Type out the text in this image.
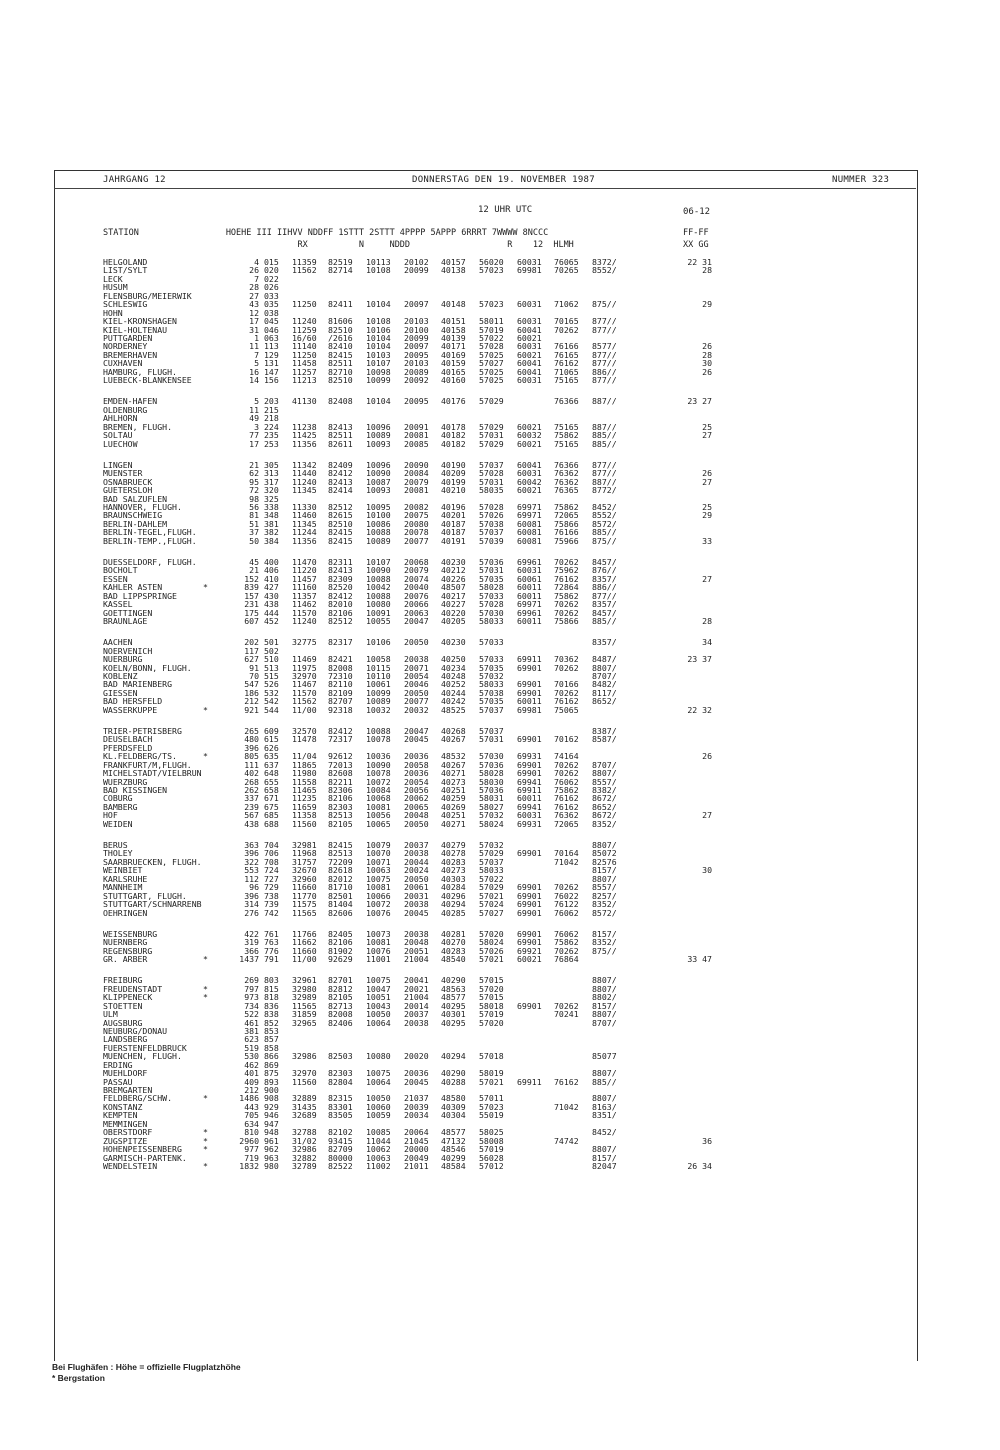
JAHRGANG 12	DONNERSTAG DEN 19. NOVEMBER 1987	NUMMER 323
12 UHR UTC	06-12
STATION                 HOEHE III IIHVV NDDFF 1STTT 2STTT 4PPPP 5APPP 6RRRT 7WWWW 8NCCC
RX          N     NDDD                   R    12  HLMH
FF-FF
XX GG
HELGOLAND	4 015 11359 82519 10113 20102 40157 56020 60031 76065 8372/	22 31
LIST/SYLT	26 020 11562 82714 10108 20099 40138 57023 69981 70265 8552/	28
LECK	7 022
HUSUM	28 026
FLENSBURG/MEIERWIK	27 033
SCHLESWIG	43 035 11250 82411 10104 20097 40148 57023 60031 71062 875//	29
HOHN	12 038
KIEL-KRONSHAGEN	17 045 11240 81606 10108 20103 40151 58011 60031 70165 877//
KIEL-HOLTENAU	31 046 11259 82510 10106 20100 40158 57019 60041 70262 877//
PUTTGARDEN	1 063 16/60 /2616 10104 20099 40139 57022 60021
NORDERNEY	11 113 11140 82410 10104 20097 40171 57028 60031 76166 8577/	26
BREMERHAVEN	7 129 11250 82415 10103 20095 40169 57025 60021 76165 877//	28
CUXHAVEN	5 131 11458 82511 10107 20103 40159 57027 60041 76162 877//	30
HAMBURG, FLUGH.	16 147 11257 82710 10098 20089 40165 57025 60041 71065 886//	26
LUEBECK-BLANKENSEE	14 156 11213 82510 10099 20092 40160 57025 60031 75165 877//
EMDEN-HAFEN	5 203 41130 82408 10104 20095 40176 57029	76366 887//	23 27
OLDENBURG	11 215
AHLHORN	49 218
BREMEN, FLUGH.	3 224 11238 82413 10096 20091 40178 57029 60021 75165 887//	25
SOLTAU	77 235 11425 82511 10089 20081 40182 57031 60032 75862 885//	27
LUECHOW	17 253 11356 82611 10093 20085 40182 57029 60021 75165 885//
LINGEN	21 305 11342 82409 10096 20090 40190 57037 60041 76366 877//
MUENSTER	62 313 11440 82412 10090 20084 40209 57028 60031 76362 877//	26
OSNABRUECK	95 317 11240 82413 10087 20079 40199 57031 60042 76362 887//	27
GUETERSLOH	72 320 11345 82414 10093 20081 40210 58035 60021 76365 8772/
BAD SALZUFLEN	98 325
HANNOVER, FLUGH.	56 338 11330 82512 10095 20082 40196 57028 69971 75862 8452/	25
BRAUNSCHWEIG	81 348 11460 82615 10100 20075 40201 57026 69971 72065 8552/	29
BERLIN-DAHLEM	51 381 11345 82510 10086 20080 40187 57038 60081 75866 8572/
BERLIN-TEGEL,FLUGH.	37 382 11244 82415 10088 20078 40187 57037 60081 76166 885//
BERLIN-TEMP.,FLUGH.	50 384 11356 82415 10089 20077 40191 57039 60081 75966 875//	33
DUESSELDORF, FLUGH.	45 400 11470 82311 10107 20068 40230 57036 69961 70262 8457/
BOCHOLT	21 406 11220 82413 10090 20079 40212 57031 60031 75962 876//
ESSEN	152 410 11457 82309 10088 20074 40226 57035 60061 76162 8357/	27
KAHLER ASTEN	*	839 427 11160 82520 10042 20040 48507 58028 60011 72864 886//
BAD LIPPSPRINGE	157 430 11357 82412 10088 20076 40217 57033 60011 75862 877//
KASSEL	231 438 11462 82010 10080 20066 40227 57028 69971 70262 8357/
GOETTINGEN	175 444 11570 82106 10091 20063 40220 57030 69961 70262 8457/
BRAUNLAGE	607 452 11240 82512 10055 20047 40205 58033 60011 75866 885//	28
AACHEN	202 501 32775 82317 10106 20050 40230 57033	8357/	34
NOERVENICH	117 502
NUERBURG	627 510 11469 82421 10058 20038 40250 57033 69911 70362 8487/	23 37
KOELN/BONN, FLUGH.	91 513 11975 82008 10115 20071 40234 57035 69901 70262 8807/
KOBLENZ	70 515 32970 72310 10110 20054 40248 57032	8707/
BAD MARIENBERG	547 526 11467 82110 10061 20046 40252 58033 69901 70166 8482/
GIESSEN	186 532 11570 82109 10099 20050 40244 57038 69901 70262 8117/
BAD HERSFELD	212 542 11562 82707 10089 20077 40242 57035 60011 76162 8652/
WASSERKUPPE	*	921 544 11/00 92318 10032 20032 48525 57037 69981 75065	22 32
TRIER-PETRISBERG	265 609 32570 82412 10088 20047 40268 57037	8387/
DEUSELBACH	480 615 11478 72317 10078 20045 40267 57031 69901 70162 8587/
PFERDSFELD	396 626
KL.FELDBERG/TS.	*	805 635 11/04 92612 10036 20036 48532 57030 69931 74164	26
FRANKFURT/M,FLUGH.	111 637 11865 72013 10090 20058 40267 57036 69901 70262 8707/
MICHELSTADT/VIELBRUN	402 648 11980 82608 10078 20036 40271 58028 69901 70262 8807/
WUERZBURG	268 655 11558 82211 10072 20054 40273 58030 69941 76062 8557/
BAD KISSINGEN	262 658 11465 82306 10084 20056 40251 57036 69911 75862 8382/
COBURG	337 671 11235 82106 10068 20062 40259 58031 60011 76162 8672/
BAMBERG	239 675 11659 82303 10081 20065 40269 58027 69941 76162 8652/
HOF	567 685 11358 82513 10056 20048 40251 57032 60031 76362 8672/	27
WEIDEN	438 688 11560 82105 10065 20050 40271 58024 69931 72065 8352/
BERUS	363 704 32981 82415 10079 20037 40279 57032	8807/
THOLEY	396 706 11968 82513 10070 20038 40278 57029 69901 70164 85072
SAARBRUECKEN, FLUGH.	322 708 31757 72209 10071 20044 40283 57037	71042 82576
WEINBIET	553 724 32670 82618 10063 20024 40273 58033	8157/	30
KARLSRUHE	112 727 32960 82012 10075 20050 40303 57022	8807/
MANNHEIM	96 729 11660 81710 10081 20061 40284 57029 69901 70262 8557/
STUTTGART, FLUGH.	396 738 11770 82501 10066 20031 40296 57021 69901 76022 8257/
STUTTGART/SCHNARRENB	314 739 11575 81404 10072 20038 40294 57024 69901 76122 8352/
OEHRINGEN	276 742 11565 82606 10076 20045 40285 57027 69901 76062 8572/
WEISSENBURG	422 761 11766 82405 10073 20038 40281 57020 69901 76062 8157/
NUERNBERG	319 763 11662 82106 10081 20048 40270 58024 69901 75862 8352/
REGENSBURG	366 776 11660 81902 10076 20051 40283 57026 69921 70262 875//
GR. ARBER	*	1437 791 11/00 92629 11001 21004 48540 57021 60021 76864	33 47
FREIBURG	269 803 32961 82701 10075 20041 40290 57015	8807/
FREUDENSTADT	*	797 815 32980 82812 10047 20021 48563 57020	8807/
KLIPPENECK	*	973 818 32989 82105 10051 21004 48577 57015	8802/
STOETTEN	734 836 11565 82713 10043 20014 40295 58018 69901 70262 8157/
ULM	522 838 31859 82008 10050 20037 40301 57019	70241 8807/
AUGSBURG	461 852 32965 82406 10064 20038 40295 57020	8707/
NEUBURG/DONAU	381 853
LANDSBERG	623 857
FUERSTENFELDBRUCK	519 858
MUENCHEN, FLUGH.	530 866 32986 82503 10080 20020 40294 57018	85077
ERDING	462 869
MUEHLDORF	401 875 32970 82303 10075 20036 40290 58019	8807/
PASSAU	409 893 11560 82804 10064 20045 40288 57021 69911 76162 885//
BREMGARTEN	212 900
FELDBERG/SCHW.	*	1486 908 32889 82315 10050 21037 48580 57011	8807/
KONSTANZ	443 929 31435 83301 10060 20039 40309 57023	71042 8163/
KEMPTEN	705 946 32689 83505 10059 20034 40304 55019	8351/
MEMMINGEN	634 947
OBERSTDORF	*	810 948 32788 82102 10085 20064 48577 58025	8452/
ZUGSPITZE	*	2960 961 31/02 93415 11044 21045 47132 58008	74742	36
HOHENPEISSENBERG	*	977 962 32986 82709 10062 20000 48546 57019	8807/
GARMISCH-PARTENK.	719 963 32882 80000 10063 20049 40299 56028	8157/
WENDELSTEIN	*	1832 980 32789 82522 11002 21011 48584 57012	82047	26 34
Bei Flughäfen : Höhe = offizielle Flugplatzhöhe
* Bergstation
